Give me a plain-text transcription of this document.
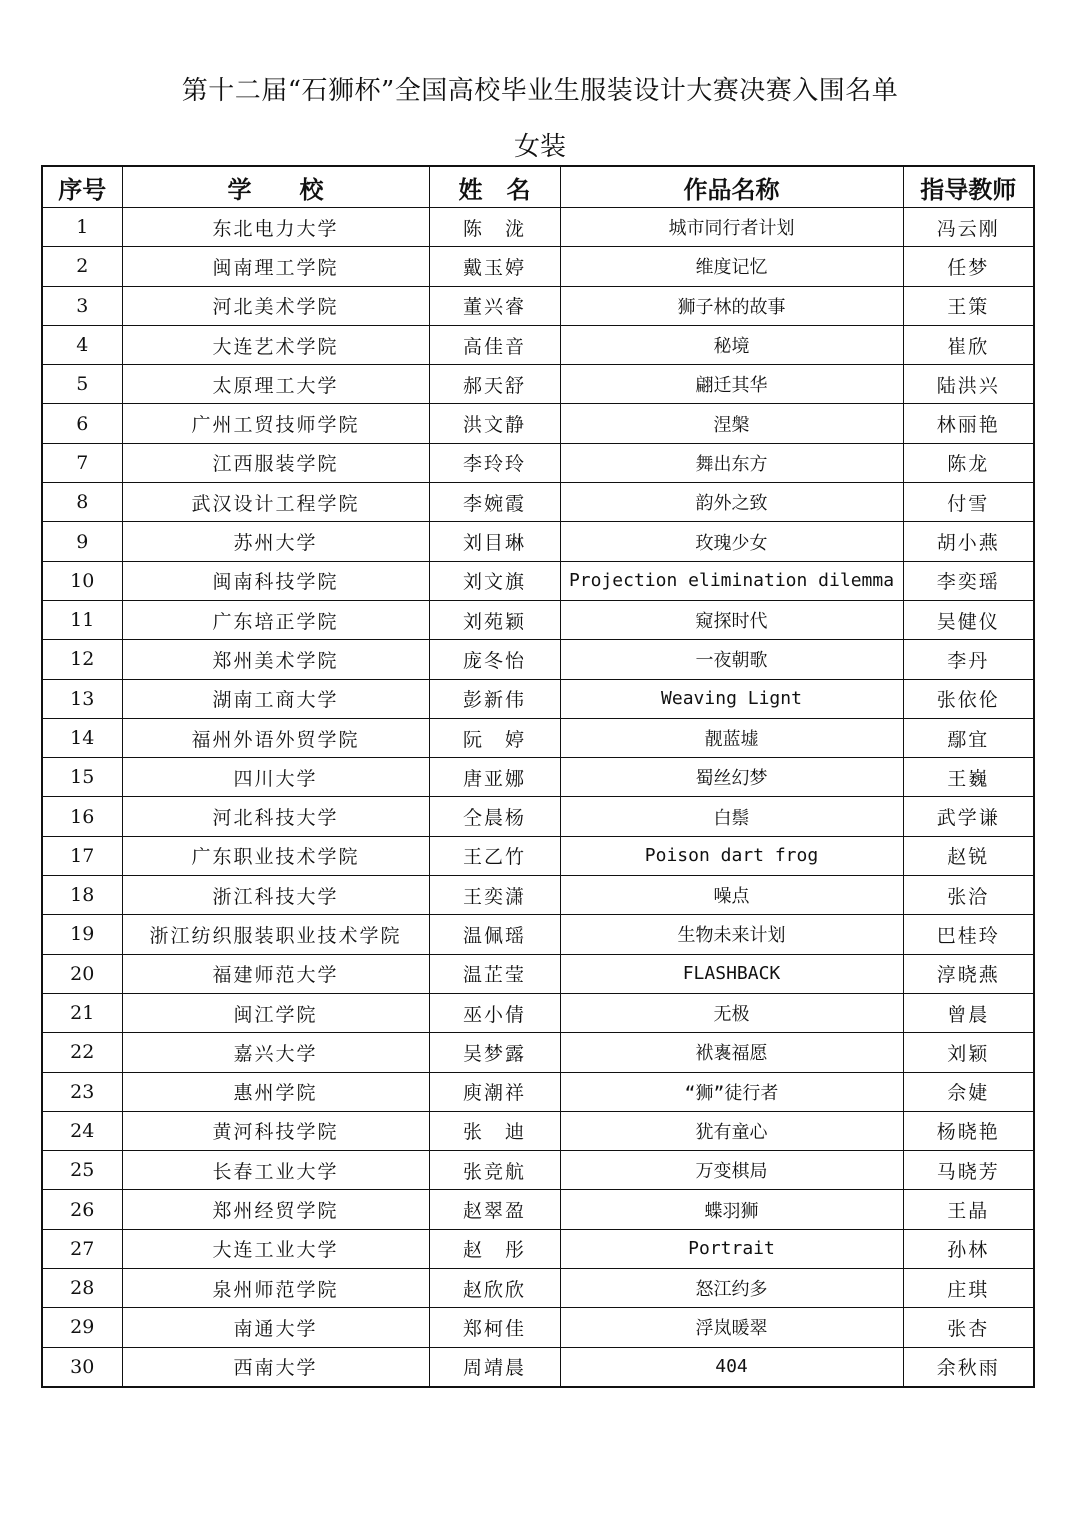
第十二届“石狮杯”全国高校毕业生服装设计大赛决赛入围名单
女装
序号	学　　校	姓　名	作品名称	指导教师
1	东北电力大学	陈　泷	城市同行者计划	冯云刚
2	闽南理工学院	戴玉婷	维度记忆	任梦
3	河北美术学院	董兴睿	狮子林的故事	王策
4	大连艺术学院	高佳音	秘境	崔欣
5	太原理工大学	郝天舒	翩迁其华	陆洪兴
6	广州工贸技师学院	洪文静	涅槃	林丽艳
7	江西服装学院	李玲玲	舞出东方	陈龙
8	武汉设计工程学院	李婉霞	韵外之致	付雪
9	苏州大学	刘目琳	玫瑰少女	胡小燕
10	闽南科技学院	刘文旗	Projection elimination dilemma	李奕瑶
11	广东培正学院	刘苑颖	窥探时代	吴健仪
12	郑州美术学院	庞冬怡	一夜朝歌	李丹
13	湖南工商大学	彭新伟	Weaving Lignt	张依伦
14	福州外语外贸学院	阮　婷	靓蓝墟	鄢宜
15	四川大学	唐亚娜	蜀丝幻梦	王巍
16	河北科技大学	仝晨杨	白鬃	武学谦
17	广东职业技术学院	王乙竹	Poison dart frog	赵锐
18	浙江科技大学	王奕潇	噪点	张洽
19	浙江纺织服装职业技术学院	温佩瑶	生物未来计划	巴桂玲
20	福建师范大学	温芷莹	FLASHBACK	淳晓燕
21	闽江学院	巫小倩	无极	曾晨
22	嘉兴大学	吴梦露	袱褢福愿	刘颖
23	惠州学院	庾潮祥	“狮”徒行者	佘婕
24	黄河科技学院	张　迪	犹有童心	杨晓艳
25	长春工业大学	张竞航	万变棋局	马晓芳
26	郑州经贸学院	赵翠盈	蝶羽狮	王晶
27	大连工业大学	赵　彤	Portrait	孙林
28	泉州师范学院	赵欣欣	怒江约多	庄琪
29	南通大学	郑柯佳	浮岚暖翠	张杏
30	西南大学	周靖晨	404	余秋雨
